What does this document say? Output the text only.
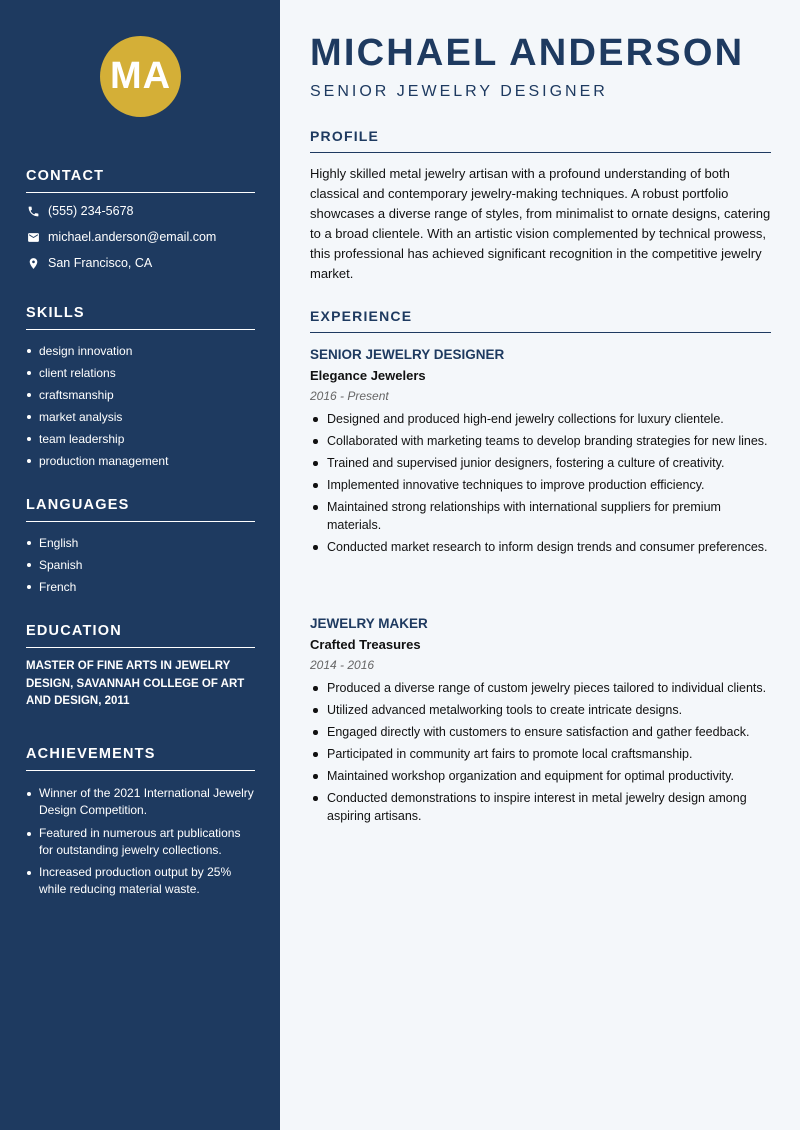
MA
CONTACT
(555) 234-5678
michael.anderson@email.com
San Francisco, CA
SKILLS
design innovation
client relations
craftsmanship
market analysis
team leadership
production management
LANGUAGES
English
Spanish
French
EDUCATION
MASTER OF FINE ARTS IN JEWELRY DESIGN, SAVANNAH COLLEGE OF ART AND DESIGN, 2011
ACHIEVEMENTS
Winner of the 2021 International Jewelry Design Competition.
Featured in numerous art publications for outstanding jewelry collections.
Increased production output by 25% while reducing material waste.
MICHAEL ANDERSON
SENIOR JEWELRY DESIGNER
PROFILE

Highly skilled metal jewelry artisan with a profound understanding of both classical and contemporary jewelry-making techniques. A robust portfolio showcases a diverse range of styles, from minimalist to ornate designs, catering to a broad clientele. With an artistic vision complemented by technical prowess, this professional has achieved significant recognition in the competitive jewelry market.

EXPERIENCE
SENIOR JEWELRY DESIGNER
Elegance Jewelers
2016 - Present
Designed and produced high-end jewelry collections for luxury clientele.
Collaborated with marketing teams to develop branding strategies for new lines.
Trained and supervised junior designers, fostering a culture of creativity.
Implemented innovative techniques to improve production efficiency.
Maintained strong relationships with international suppliers for premium materials.
Conducted market research to inform design trends and consumer preferences.
JEWELRY MAKER
Crafted Treasures
2014 - 2016
Produced a diverse range of custom jewelry pieces tailored to individual clients.
Utilized advanced metalworking tools to create intricate designs.
Engaged directly with customers to ensure satisfaction and gather feedback.
Participated in community art fairs to promote local craftsmanship.
Maintained workshop organization and equipment for optimal productivity.
Conducted demonstrations to inspire interest in metal jewelry design among aspiring artisans.
